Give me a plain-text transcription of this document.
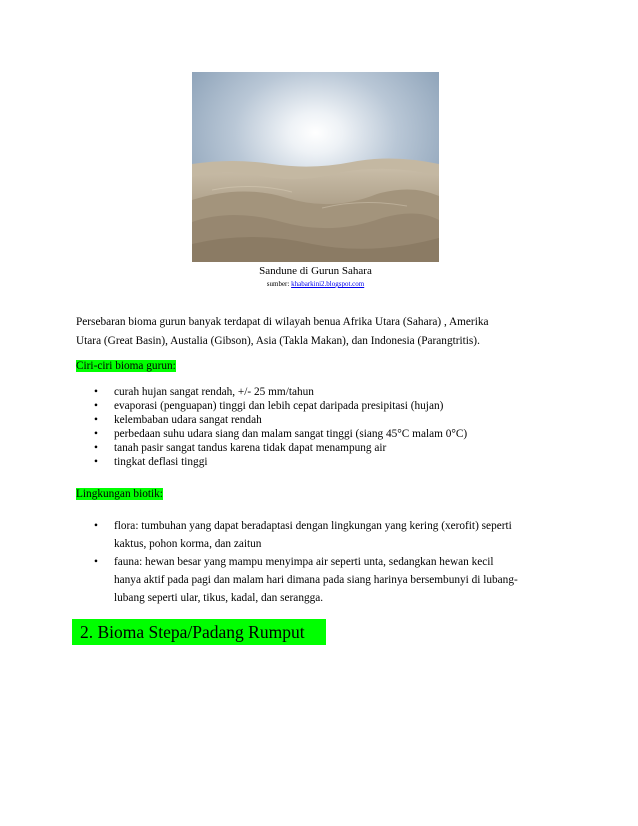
Sandune di Gurun Sahara
sumber: khabarkini2.blogspot.com
Persebaran bioma gurun banyak terdapat di wilayah benua Afrika Utara (Sahara) , Amerika
Utara (Great Basin), Austalia (Gibson), Asia (Takla Makan), dan Indonesia (Parangtritis).
Ciri-ciri bioma gurun:
•	curah hujan sangat rendah, +/- 25 mm/tahun
•	evaporasi (penguapan) tinggi dan lebih cepat daripada presipitasi (hujan)
•	kelembaban udara sangat rendah
•	perbedaan suhu udara siang dan malam sangat tinggi (siang 45°C malam 0°C)
•	tanah pasir sangat tandus karena tidak dapat menampung air
•	tingkat deflasi tinggi
Lingkungan biotik:
•	flora: tumbuhan yang dapat beradaptasi dengan lingkungan yang kering (xerofit) seperti
kaktus, pohon korma, dan zaitun
•	fauna: hewan besar yang mampu menyimpa air seperti unta, sedangkan hewan kecil
hanya aktif pada pagi dan malam hari dimana pada siang harinya bersembunyi di lubang-
lubang seperti ular, tikus, kadal, dan serangga.
2. Bioma Stepa/Padang Rumput
